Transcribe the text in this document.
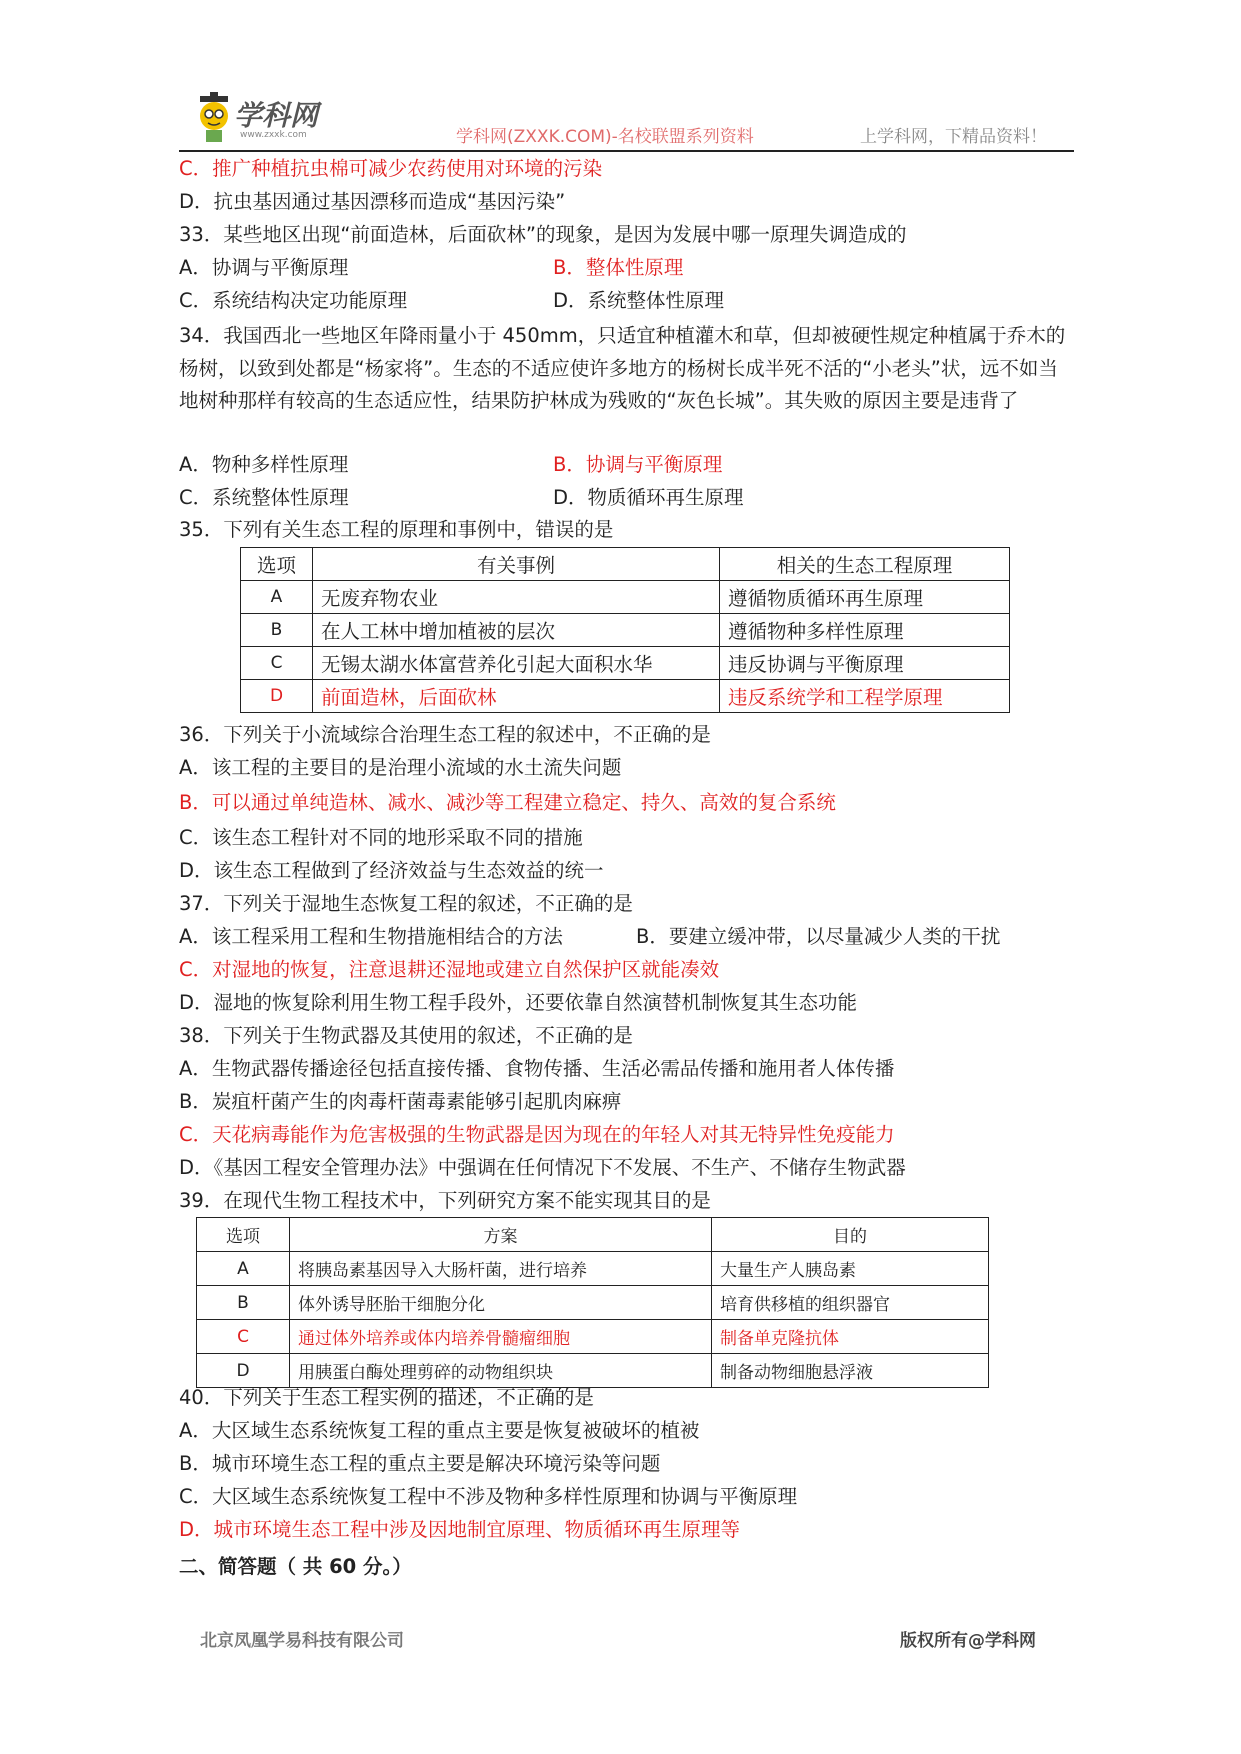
学科网
www.zxxk.com	学科网(ZXXK.COM)-名校联盟系列资料	上学科网，下精品资料！
C．推广种植抗虫棉可减少农药使用对环境的污染
D．抗虫基因通过基因漂移而造成“基因污染”
33．某些地区出现“前面造林，后面砍林”的现象，是因为发展中哪一原理失调造成的
A．协调与平衡原理	B．整体性原理
C．系统结构决定功能原理	D．系统整体性原理
34．我国西北一些地区年降雨量小于 450mm，只适宜种植灌木和草，但却被硬性规定种植属于乔木的杨树，以致到处都是“杨家将”。生态的不适应使许多地方的杨树长成半死不活的“小老头”状，远不如当地树种那样有较高的生态适应性，结果防护林成为残败的“灰色长城”。其失败的原因主要是违背了
A．物种多样性原理	B．协调与平衡原理
C．系统整体性原理	D．物质循环再生原理
35．下列有关生态工程的原理和事例中，错误的是
选项	有关事例	相关的生态工程原理
A	无废弃物农业	遵循物质循环再生原理
B	在人工林中增加植被的层次	遵循物种多样性原理
C	无锡太湖水体富营养化引起大面积水华	违反协调与平衡原理
D	前面造林，后面砍林	违反系统学和工程学原理
36．下列关于小流域综合治理生态工程的叙述中，不正确的是
A．该工程的主要目的是治理小流域的水土流失问题
B．可以通过单纯造林、减水、减沙等工程建立稳定、持久、高效的复合系统
C．该生态工程针对不同的地形采取不同的措施
D．该生态工程做到了经济效益与生态效益的统一
37．下列关于湿地生态恢复工程的叙述，不正确的是
A．该工程采用工程和生物措施相结合的方法	B．要建立缓冲带，以尽量减少人类的干扰
C．对湿地的恢复，注意退耕还湿地或建立自然保护区就能凑效
D．湿地的恢复除利用生物工程手段外，还要依靠自然演替机制恢复其生态功能
38．下列关于生物武器及其使用的叙述，不正确的是
A．生物武器传播途径包括直接传播、食物传播、生活必需品传播和施用者人体传播
B．炭疽杆菌产生的肉毒杆菌毒素能够引起肌肉麻痹
C．天花病毒能作为危害极强的生物武器是因为现在的年轻人对其无特异性免疫能力
D．《基因工程安全管理办法》中强调在任何情况下不发展、不生产、不储存生物武器
39．在现代生物工程技术中，下列研究方案不能实现其目的是
选项	方案	目的
A	将胰岛素基因导入大肠杆菌，进行培养	大量生产人胰岛素
B	体外诱导胚胎干细胞分化	培育供移植的组织器官
C	通过体外培养或体内培养骨髓瘤细胞	制备单克隆抗体
D	用胰蛋白酶处理剪碎的动物组织块	制备动物细胞悬浮液
40．下列关于生态工程实例的描述，不正确的是
A．大区域生态系统恢复工程的重点主要是恢复被破坏的植被
B．城市环境生态工程的重点主要是解决环境污染等问题
C．大区域生态系统恢复工程中不涉及物种多样性原理和协调与平衡原理
D．城市环境生态工程中涉及因地制宜原理、物质循环再生原理等
二、简答题（ 共 60 分。）
北京凤凰学易科技有限公司	版权所有@学科网
